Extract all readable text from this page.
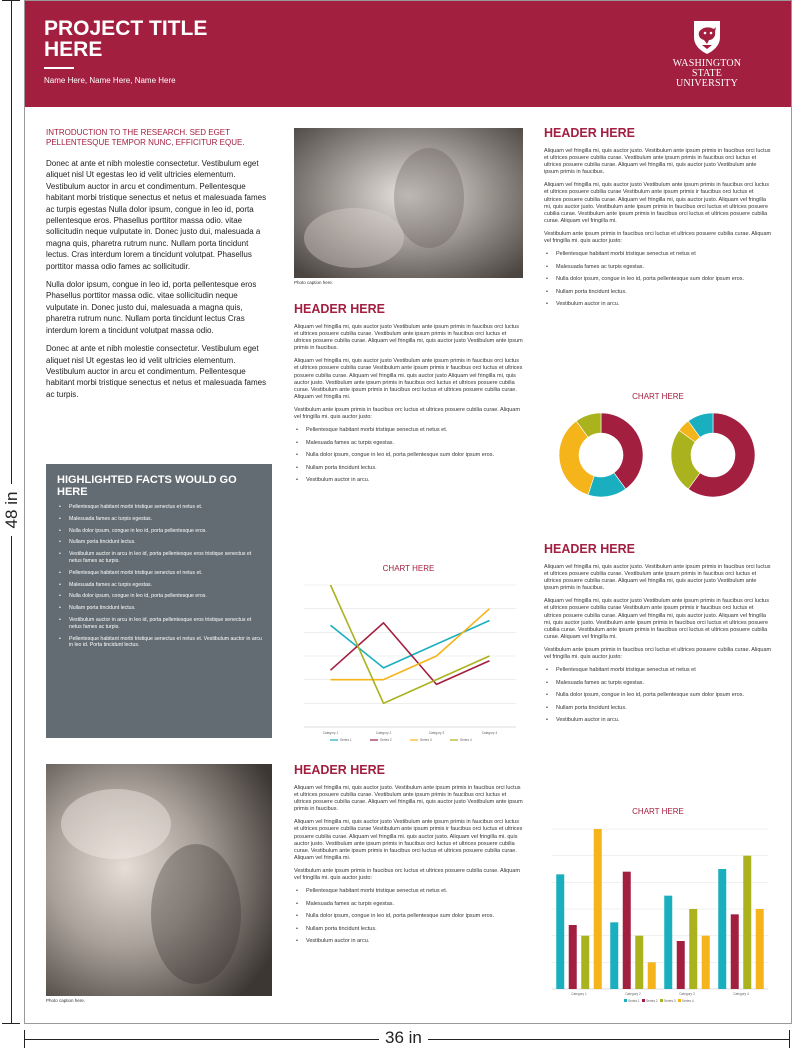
48 in
36 in
PROJECT TITLE HERE
Name Here, Name Here, Name Here
WASHINGTON STATE
UNIVERSITY
INTRODUCTION TO THE RESEARCH. SED EGET PELLENTESQUE TEMPOR NUNC, EFFICITUR EQUE.

Donec at ante et nibh molestie consectetur. Vestibulum eget aliquet nisl Ut egestas leo id velit ultricies elementum. Vestibulum auctor in arcu et condimentum. Pellentesque habitant morbi tristique senectus et netus et malesuada fames ac turpis egestas Nulla dolor ipsum, congue in leo id, porta pellentesque eros. Phasellus porttitor massa odio. vitae sollicitudin neque vulputate in. Donec justo dui, malesuada a magna quis, pharetra rutrum nunc. Nullam porta tincidunt lectus. Cras interdum lorem a tincidunt volutpat. Phasellus porttitor massa odio fames ac sollicitudir.

Nulla dolor ipsum, congue in leo id, porta pellentesque eros Phasellus porttitor massa odic. vitae sollicitudin neque vulputate in. Donec justo dui, malesuada a magna quis, pharetra rutrum nunc. Nullam porta tincidunt lectus Cras interdum lorem a tincidunt volutpat massa odio.

Donec at ante et nibh molestie consectetur. Vestibulum eget aliquet nisl Ut egestas leo id velit ultricies elementum. Vestibulum auctor in arcu et condimentum. Pellentesque habitant morbi tristique senectus et netus et malesuada fames ac turpis.

HIGHLIGHTED FACTS WOULD GO HERE
• Pellentesque habitant morbi tristique senectus et netus et.
• Malesuada fames ac turpis egestas.
• Nulla dolor ipsum, congue in leo id, porta pellentesque eros.
• Nullam porta tincidunt lectus.
• Vestibulum auctor in arcu in leo id, porta pellentesque eros tristique senectus et netus fames ac turpis.
• Pellentesque habitant morbi tristique senectus et netus et.
• Malesuada fames ac turpis egestas.
• Nulla dolor ipsum, congue in leo id, porta pellentesque eros.
• Nullam porta tincidunt lectus.
• Vestibulum auctor in arcu in leo id, porta pellentesque eros tristique senectus et netus fames ac turpis.
• Pellentesque habitant morbi tristique senectus et netus et. Vestibulum auctor in arcu in leo id. Porta tincidunt lectus.
Photo caption here.
Photo caption here.
HEADER HERE

Aliquam vel fringilla mi, quis auctor justo Vestibulum ante ipsum primis in faucibus orci luctus et ultrices posuere cubilia curae. Vestibulum ante ipsum primis in faucibus orci luctus et ultrices posuere cubilia curae. Aliquam vel fringilla mi, quis auctor justo Vestibulum ante ipsum primis in faucibus.

Aliquam vel fringilla mi, quis auctor justo Vestibulum ante ipsum primis in faucibus orci luctus et ultrices posuere cubilia curae Vestibulum ante ipsum primis ir faucibus orci luctus et ultrices posuere cubilia curae. Aliquam vel fringilla mi. quis auctor justo Aliquam vel fringilla mi, quis auctor justo. Vestibulum ante ipsum primis in faucibus orci luctus et ultrices posuere cubilia curae. Vestibulum ante ipsum primis in faucibus orci luctus et ultrices posuere cubilia curae. Aliquam vel fringilla mi.

Vestibulum ante ipsum primis in faucibus orc luctus et ultrices posuere cubilia curae. Aliquam vel fringilla mi. quis auctor justo:

• Pellentesque habitant morbi tristique senectus et netus et.
• Malesuada fames ac turpis egestas.
• Nulla dolor ipsum, congue in leo id, porta pellentesque sum dolor ipsum eros.
• Nullam porta tincidunt lectus.
• Vestibulum auctor in arcu.
CHART HERE
Category 1	Category 2	Category 3	Category 4
Series 1	Series 2	Series 3	Series 4
HEADER HERE

Aliquam vel fringilla mi, quis auctor justo. Vestibulum ante ipsum primis in faucibus orci luctus et ultrices posuere cubilia curae. Vestibulum ante ipsum primis in faucibus orci luctus et ultrices posuere cubilia curae. Aliquam vel fringilla mi, quis auctor justo Vestibulum ante ipsum primis in faucibus.

Aliquam vel fringilla mi, quis auctor justo Vestibulum ante ipsum primis in faucibus orci luctus et ultrices posuere cubilia curae Vestibulum ante ipsum primis ir faucibus orci luctus et ultrices posuere cubilia curae. Aliquam vel fringilla mi. quis auctor justo. Aliquam vel fringilla mi. quis auctor justo. Vestibulum ante ipsum primis in faucibus orci luctus et ultrices posuere cubilia curae. Vestibulum ante ipsum primis in faucibus orci luctus et ultrices posuere cubilia curae. Aliquam vel fringilla mi.

Vestibulum ante ipsum primis in faucibus orc luctus et ultrices posuere cubilia curae. Aliquam vel fringilla mi. quis auctor justo:

• Pellentesque habitant morbi tristique senectus et netus et.
• Malesuada fames ac turpis egestas.
• Nulla dolor ipsum, congue in leo id, porta pellentesque sum dolor ipsum eros.
• Nullam porta tincidunt lectus.
• Vestibulum auctor in arcu.
HEADER HERE

Aliquam vel fringilla mi, quis auctor justo. Vestibulum ante ipsum primis in faucibus orci luctus et ultrices posuere cubilia curae. Vestibulum ante ipsum primis in faucibus orci luctus et ultrices posuere cubilia curae. Aliquam vel fringilla mi, quis auctor justo Vestibulum ante ipsum primis in faucibus.

Aliquam vel fringilla mi, quis auctor justo Vestibulum ante ipsum primis in faucibus orci luctus et ultrices posuere cubilia curae Vestibulum ante ipsum primis ir faucibus orci luctus et ultrices posuere cubilia curae. Aliquam vel fringilla mi, quis auctor justo. Aliquam vel fringilla mi, quis auctor justo. Vestibulum ante ipsum primis in faucibus orci luctus et ultrices posuere cubilia curae. Vestibulum ante ipsum primis in faucibus orci luctus et ultrices posuere cubilia curae. Aliquam vel fringilla mi.

Vestibulum ante ipsum primis in faucibus orci luctus et ultrices posuere cubilia curae. Aliquam vel fringilla mi. quis auctor justo:

• Pellentesque habitant morbi tristique senectus et netus et
• Malesuada fames ac turpis egestas.
• Nulla dolor ipsum, congue in leo id, porta pellentesque sum dolor ipsum eros.
• Nullam porta tincidunt lectus.
• Vestibulum auctor in arcu.
CHART HERE
HEADER HERE

Aliquam vel fringilla mi, quis auctor justo. Vestibulum ante ipsum primis in faucibus orci luctus et ultrices posuere cubilia curae. Vestibulum ante ipsum primis in faucibus orci luctus et ultrices posuere cubilia curae. Aliquam vel fringilla mi, quis auctor justo Vestibulum ante ipsum primis in faucibus.

Aliquam vel fringilla mi, quis auctor justo Vestibulum ante ipsum primis in faucibus orci luctus et ultrices posuere cubilia curae Vestibulum ante ipsum primis ir faucibus orci luctus et ultrices posuere cubilia curae. Aliquam vel fringilla mi, quis auctor justo. Aliquam vel fringilla mi, quis auctor justo. Vestibulum ante ipsum primis in faucibus orci luctus et ultrices posuere cubilia curae. Vestibulum ante ipsum primis in faucibus orci luctus et ultrices posuere cubilia curae. Aliquam vel fringilla mi.

Vestibulum ante ipsum primis in faucibus orci luctus et ultrices posuere cubilia curae. Aliquam vel fringilla mi. quis auctor justo:

• Pellentesque habitant morbi tristique senectus et netus et
• Malesuada fames ac turpis egestas.
• Nulla dolor ipsum, congue in leo id, porta pellentesque sum dolor ipsum eros.
• Nullam porta tincidunt lectus.
• Vestibulum auctor in arcu.
CHART HERE
Category 1	Category 2	Category 3	Category 4
Series 1 Series 2 Series 3 Series 4
